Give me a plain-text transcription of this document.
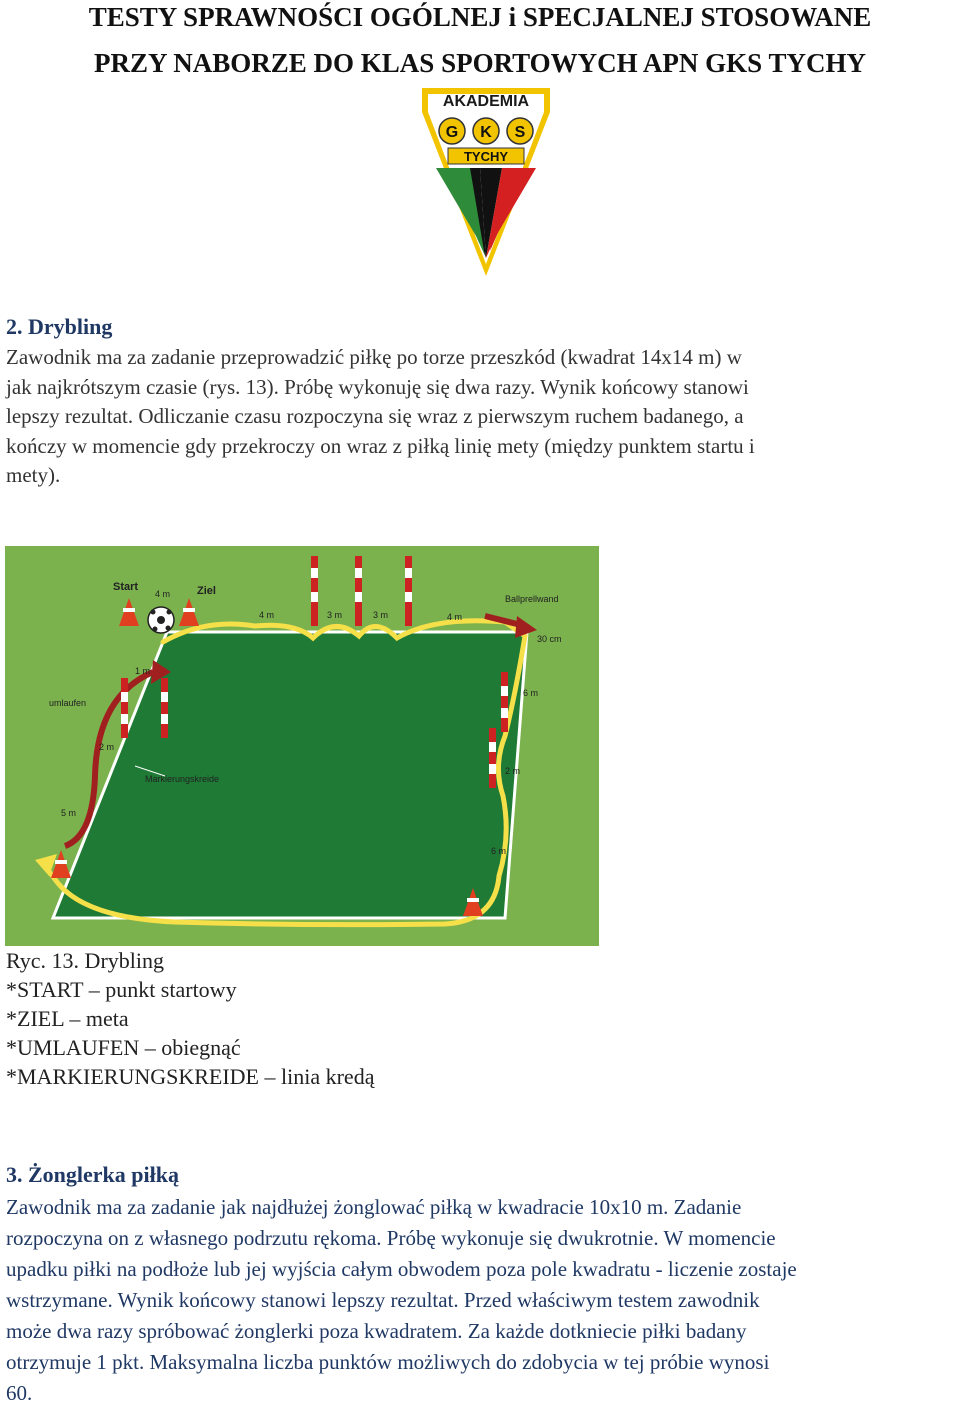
TESTY SPRAWNOŚCI OGÓLNEJ i SPECJALNEJ STOSOWANE
PRZY NABORZE DO KLAS SPORTOWYCH APN GKS TYCHY
AKADEMIA
G K S
TYCHY
2. Drybling
Zawodnik ma za zadanie przeprowadzić piłkę po torze przeszkód (kwadrat 14x14 m) w
jak najkrótszym czasie (rys. 13). Próbę wykonuję się dwa razy. Wynik końcowy stanowi
lepszy rezultat. Odliczanie czasu rozpoczyna się wraz z pierwszym ruchem badanego, a
kończy w momencie gdy przekroczy on wraz z piłką linię mety (między punktem startu i
mety).
Start	Ziel
4 m
4 m	3 m	3 m	4 m
Ballprellwand
30 cm
6 m
2 m
6 m
umlaufen
1 m
2 m
Markierungskreide
5 m
Ryc. 13. Drybling
*START – punkt startowy
*ZIEL – meta
*UMLAUFEN – obiegnąć
*MARKIERUNGSKREIDE – linia kredą
3. Żonglerka piłką
Zawodnik ma za zadanie jak najdłużej żonglować piłką w kwadracie 10x10 m. Zadanie
rozpoczyna on z własnego podrzutu rękoma. Próbę wykonuje się dwukrotnie. W momencie
upadku piłki na podłoże lub jej wyjścia całym obwodem poza pole kwadratu - liczenie zostaje
wstrzymane. Wynik końcowy stanowi lepszy rezultat. Przed właściwym testem zawodnik
może dwa razy spróbować żonglerki poza kwadratem. Za każde dotkniecie piłki badany
otrzymuje 1 pkt. Maksymalna liczba punktów możliwych do zdobycia w tej próbie wynosi
60.
